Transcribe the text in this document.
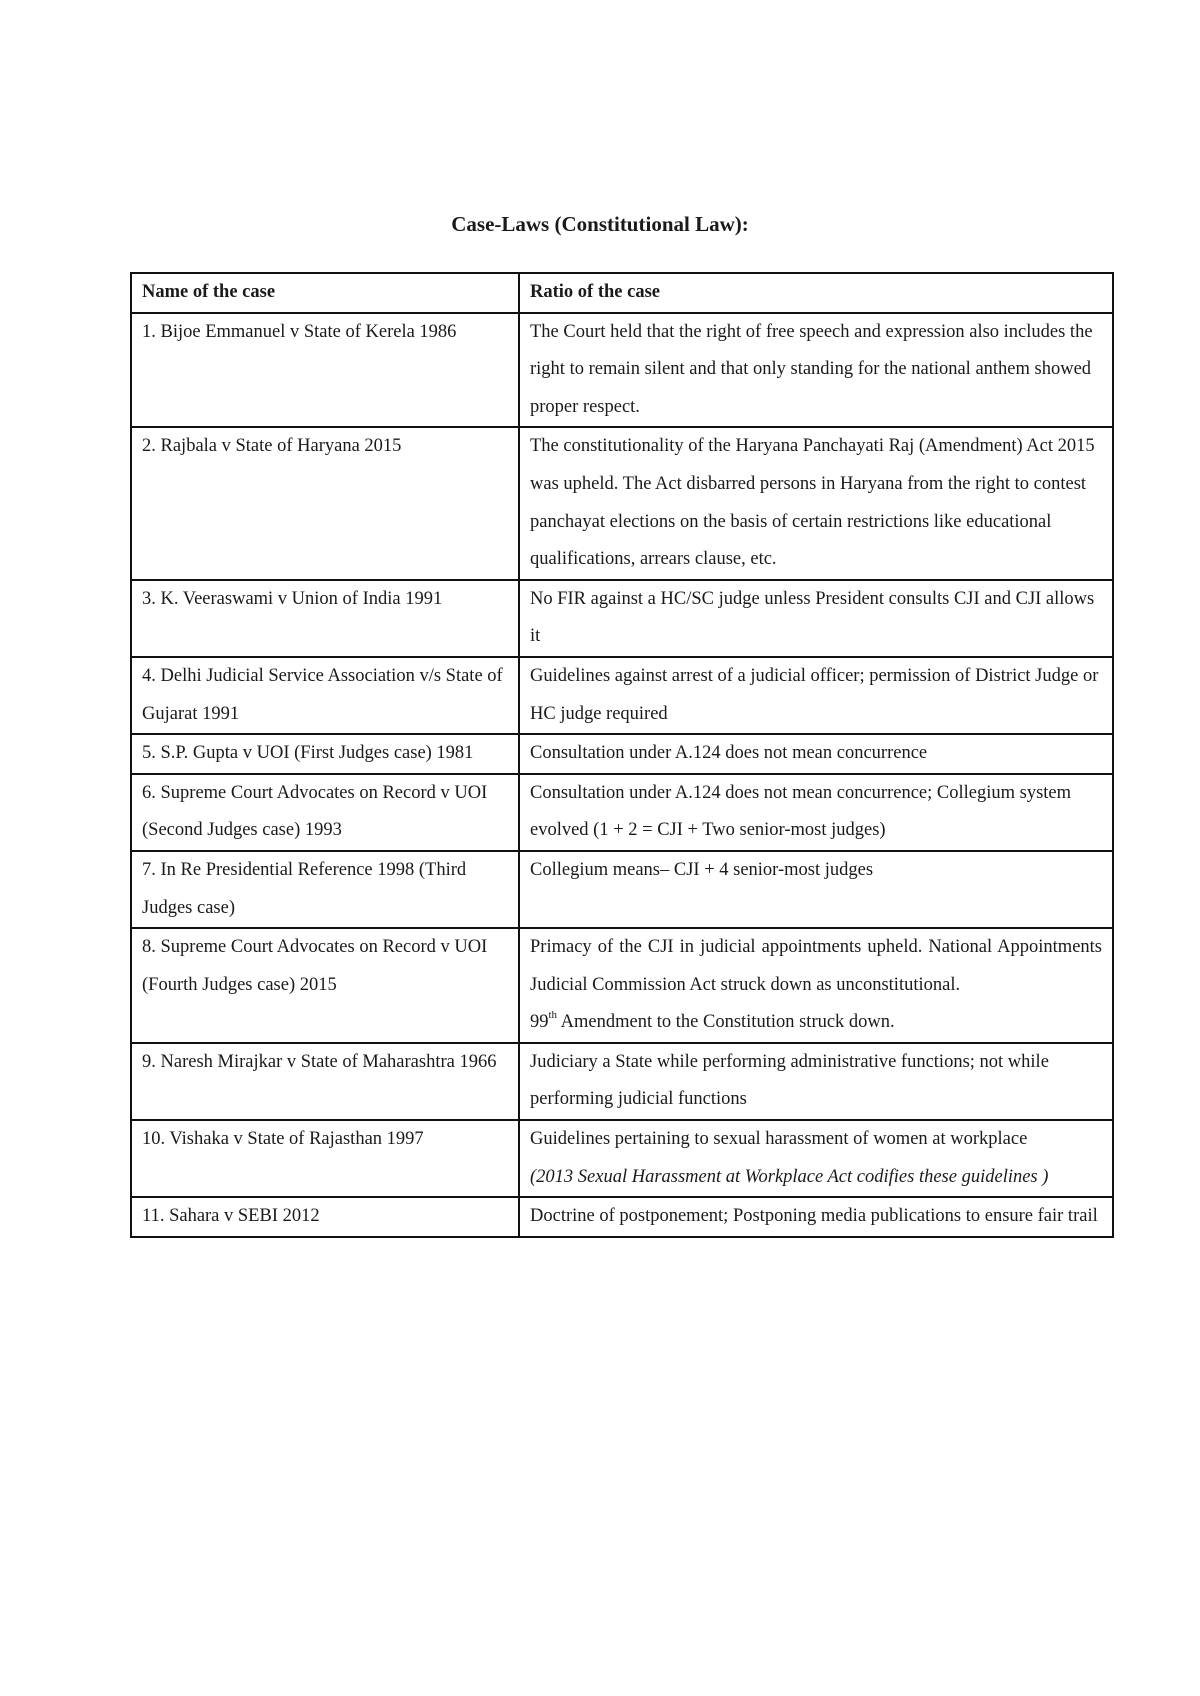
Case-Laws (Constitutional Law):
Name of the case	Ratio of the case
1. Bijoe Emmanuel v State of Kerela 1986	The Court held that the right of free speech and expression also includes the right to remain silent and that only standing for the national anthem showed proper respect.
2. Rajbala v State of Haryana 2015	The constitutionality of the Haryana Panchayati Raj (Amendment) Act 2015 was upheld. The Act disbarred persons in Haryana from the right to contest panchayat elections on the basis of certain restrictions like educational qualifications, arrears clause, etc.
3. K. Veeraswami v Union of India 1991	No FIR against a HC/SC judge unless President consults CJI and CJI allows it
4. Delhi Judicial Service Association v/s State of Gujarat 1991	Guidelines against arrest of a judicial officer; permission of District Judge or HC judge required
5. S.P. Gupta v UOI (First Judges case) 1981	Consultation under A.124 does not mean concurrence
6. Supreme Court Advocates on Record v UOI (Second Judges case) 1993	Consultation under A.124 does not mean concurrence; Collegium system evolved (1 + 2 = CJI + Two senior-most judges)
7. In Re Presidential Reference 1998 (Third Judges case)	Collegium means– CJI + 4 senior-most judges
8. Supreme Court Advocates on Record v UOI (Fourth Judges case) 2015	Primacy of the CJI in judicial appointments upheld. National Appointments Judicial Commission Act struck down as unconstitutional.
99th Amendment to the Constitution struck down.

9. Naresh Mirajkar v State of Maharashtra 1966	Judiciary a State while performing administrative functions; not while performing judicial functions
10. Vishaka v State of Rajasthan 1997	Guidelines pertaining to sexual harassment of women at workplace
(2013 Sexual Harassment at Workplace Act codifies these guidelines )

11. Sahara v SEBI 2012	Doctrine of postponement; Postponing media publications to ensure fair trail
